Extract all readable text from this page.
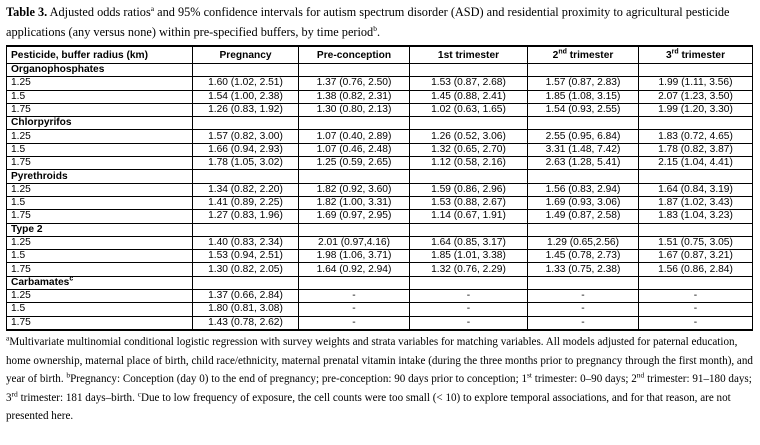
Table 3. Adjusted odds ratios$^a$ and 95% confidence intervals for autism spectrum disorder (ASD) and residential proximity to agricultural pesticide applications (any versus none) within pre-specified buffers, by time period$^b$.
Pesticide, buffer radius (km)	Pregnancy	Pre-conception	1st trimester	2nd trimester	3rd trimester
Organophosphates					
1.25	1.60 (1.02, 2.51)	1.37 (0.76, 2.50)	1.53 (0.87, 2.68)	1.57 (0.87, 2.83)	1.99 (1.11, 3.56)
1.5	1.54 (1.00, 2.38)	1.38 (0.82, 2.31)	1.45 (0.88, 2.41)	1.85 (1.08, 3.15)	2.07 (1.23, 3.50)
1.75	1.26 (0.83, 1.92)	1.30 (0.80, 2.13)	1.02 (0.63, 1.65)	1.54 (0.93, 2.55)	1.99 (1.20, 3.30)
Chlorpyrifos					
1.25	1.57 (0.82, 3.00)	1.07 (0.40, 2.89)	1.26 (0.52, 3.06)	2.55 (0.95, 6.84)	1.83 (0.72, 4.65)
1.5	1.66 (0.94, 2.93)	1.07 (0.46, 2.48)	1.32 (0.65, 2.70)	3.31 (1.48, 7.42)	1.78 (0.82, 3.87)
1.75	1.78 (1.05, 3.02)	1.25 (0.59, 2.65)	1.12 (0.58, 2.16)	2.63 (1.28, 5.41)	2.15 (1.04, 4.41)
Pyrethroids					
1.25	1.34 (0.82, 2.20)	1.82 (0.92, 3.60)	1.59 (0.86, 2.96)	1.56 (0.83, 2.94)	1.64 (0.84, 3.19)
1.5	1.41 (0.89, 2.25)	1.82 (1.00, 3.31)	1.53 (0.88, 2.67)	1.69 (0.93, 3.06)	1.87 (1.02, 3.43)
1.75	1.27 (0.83, 1.96)	1.69 (0.97, 2.95)	1.14 (0.67, 1.91)	1.49 (0.87, 2.58)	1.83 (1.04, 3.23)
Type 2					
1.25	1.40 (0.83, 2.34)	2.01 (0.97,4.16)	1.64 (0.85, 3.17)	1.29 (0.65,2.56)	1.51 (0.75, 3.05)
1.5	1.53 (0.94, 2.51)	1.98 (1.06, 3.71)	1.85 (1.01, 3.38)	1.45 (0.78, 2.73)	1.67 (0.87, 3.21)
1.75	1.30 (0.82, 2.05)	1.64 (0.92, 2.94)	1.32 (0.76, 2.29)	1.33 (0.75, 2.38)	1.56 (0.86, 2.84)
Carbamates$^c$					
1.25	1.37 (0.66, 2.84)	-	-	-	-
1.5	1.80 (0.81, 3.08)	-	-	-	-
1.75	1.43 (0.78, 2.62)	-	-	-	-
$^a$Multivariate multinomial conditional logistic regression with survey weights and strata variables for matching variables. All models adjusted for paternal education, home ownership, maternal place of birth, child race/ethnicity, maternal prenatal vitamin intake (during the three months prior to pregnancy through the first month), and year of birth. $^b$Pregnancy: Conception (day 0) to the end of pregnancy; pre-conception: 90 days prior to conception; 1st trimester: 0–90 days; 2nd trimester: 91–180 days; 3rd trimester: 181 days–birth. $^c$Due to low frequency of exposure, the cell counts were too small (< 10) to explore temporal associations, and for that reason, are not presented here.
